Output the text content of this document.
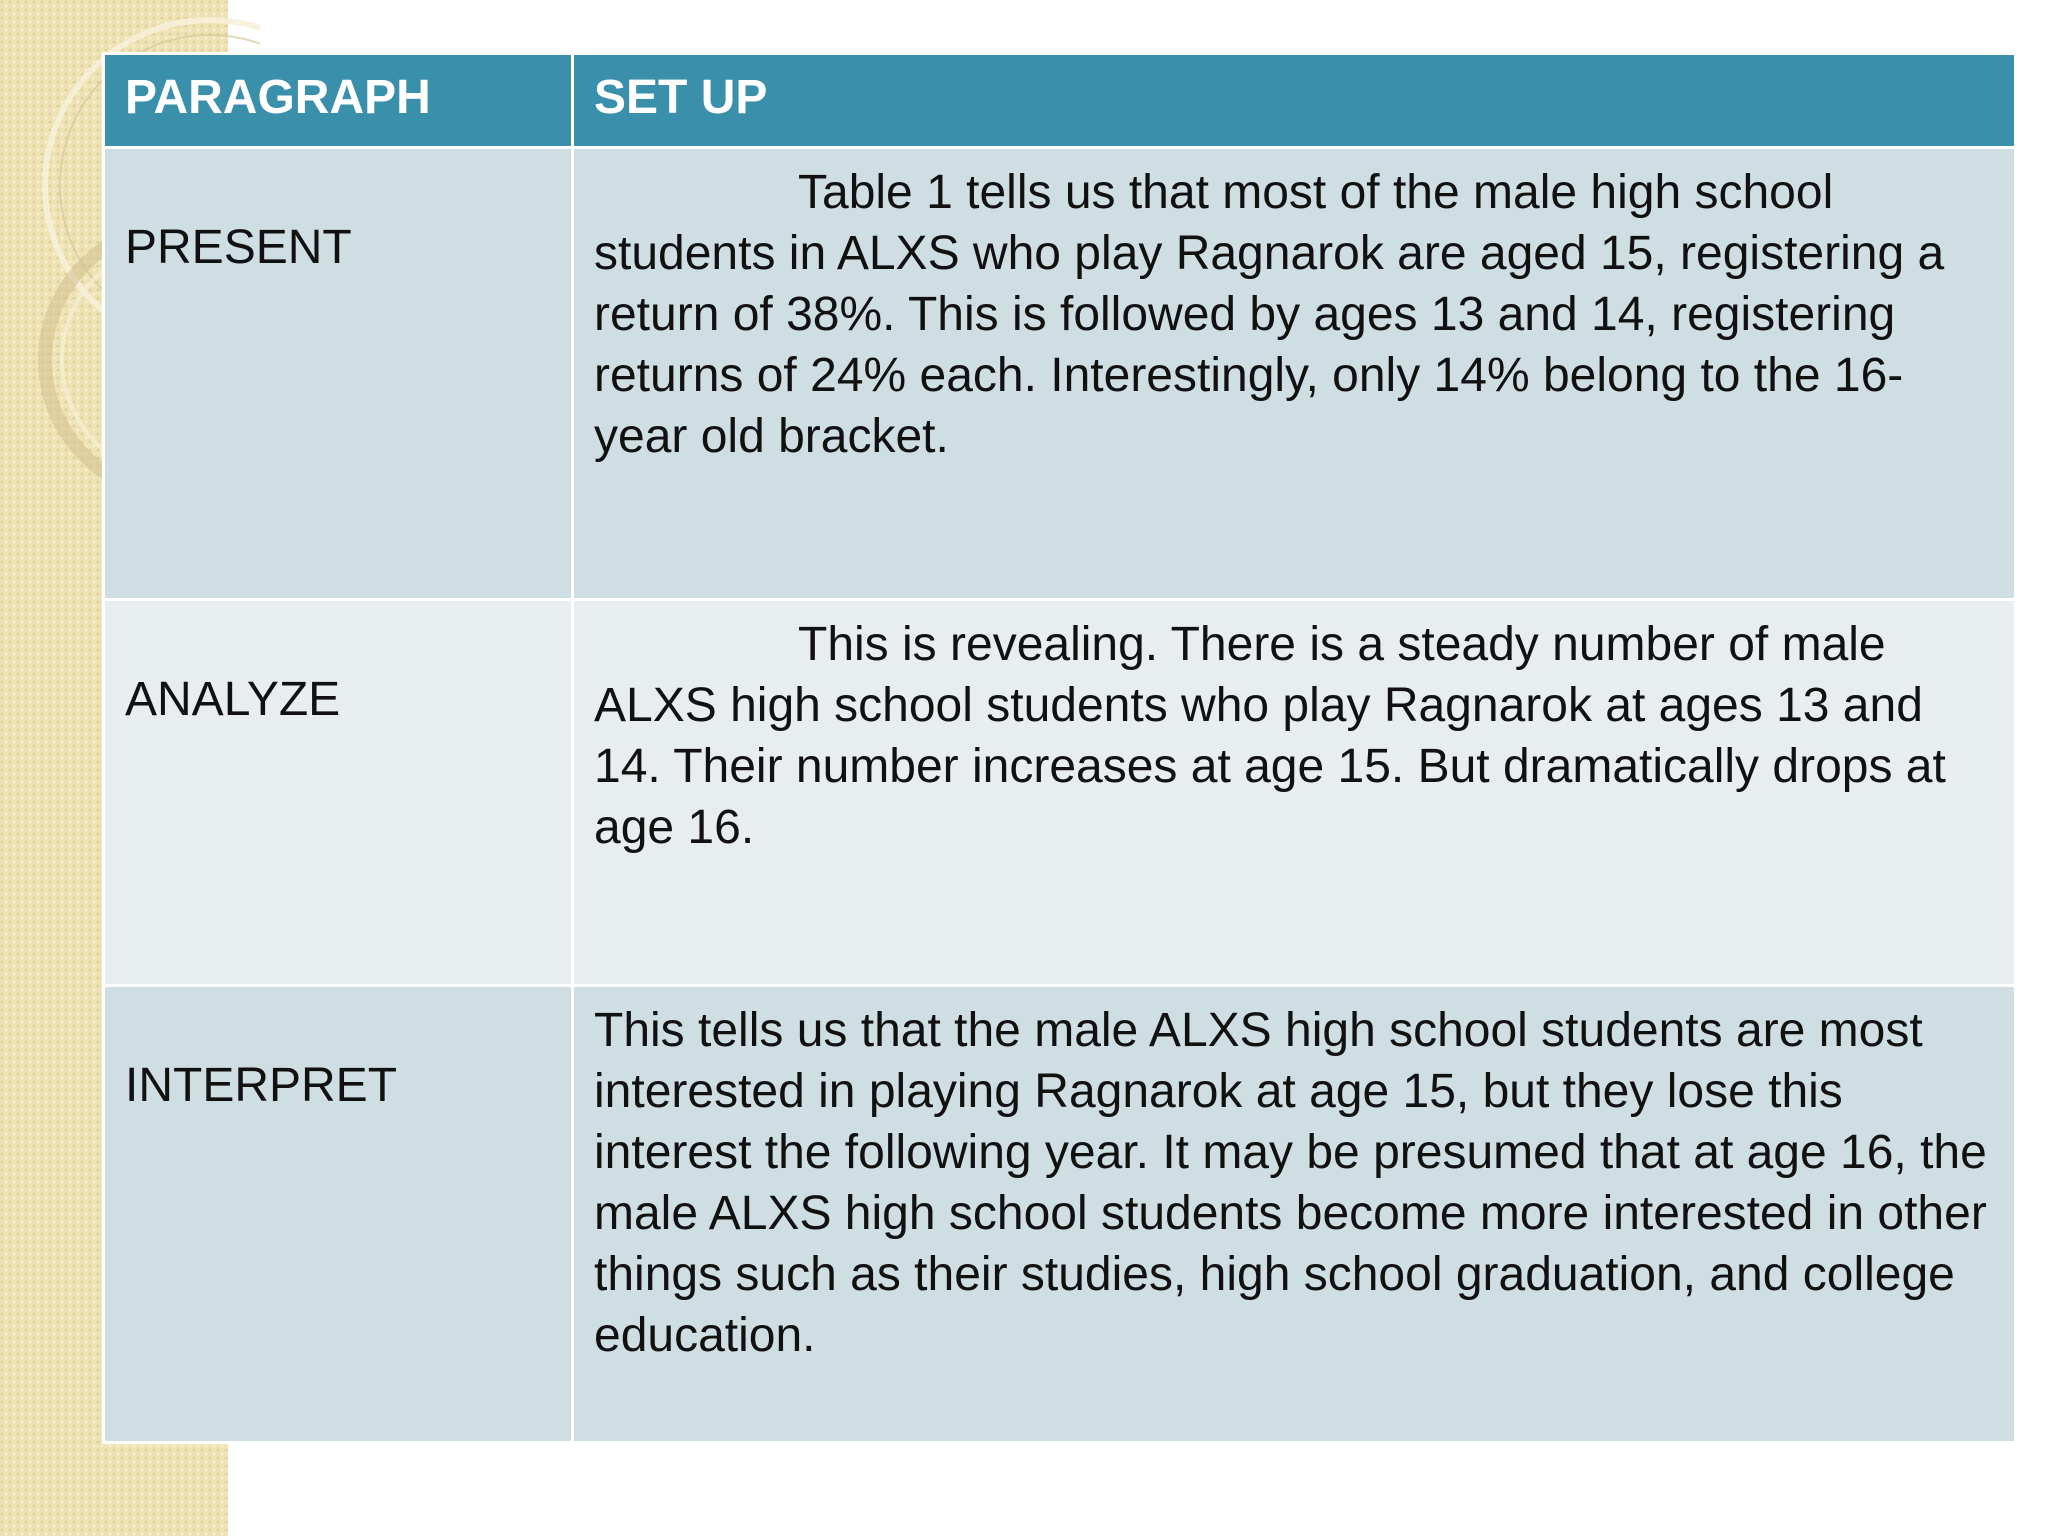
PARAGRAPH	SET UP
PRESENT	Table 1 tells us that most of the male high school students in ALXS who play Ragnarok are aged 15, registering a return of 38%. This is followed by ages 13 and 14, registering returns of 24% each. Interestingly, only 14% belong to the 16-year old bracket.
ANALYZE	This is revealing. There is a steady number of male ALXS high school students who play Ragnarok at ages 13 and 14. Their number increases at age 15. But dramatically drops at age 16.
INTERPRET	This tells us that the male ALXS high school students are most interested in playing Ragnarok at age 15, but they lose this interest the following year. It may be presumed that at age 16, the male ALXS high school students become more interested in other things such as their studies, high school graduation, and college education.
